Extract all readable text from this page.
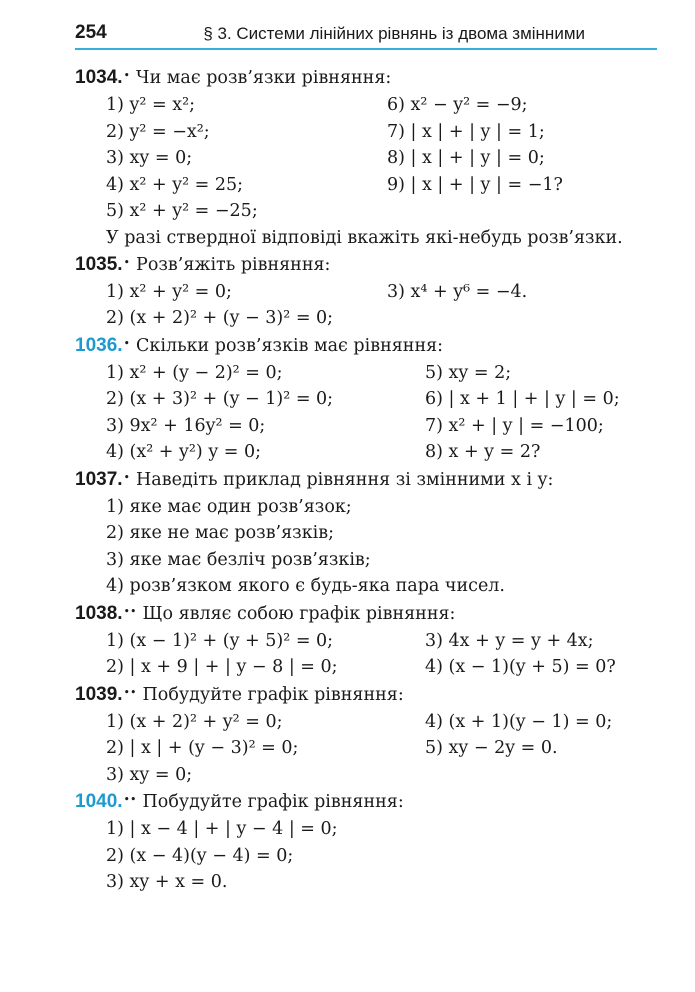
254	§ 3. Системи лінійних рівнянь із двома змінними
1034.• Чи має розв’язки рівняння:
1) y² = x²;	6) x² − y² = −9;
2) y² = −x²;	7) | x | + | y | = 1;
3) xy = 0;	8) | x | + | y | = 0;
4) x² + y² = 25;	9) | x | + | y | = −1?
5) x² + y² = −25;
У разі ствердної відповіді вкажіть які-небудь розв’язки.
1035.• Розв’яжіть рівняння:
1) x² + y² = 0;	3) x⁴ + y⁶ = −4.
2) (x + 2)² + (y − 3)² = 0;
1036.• Скільки розв’язків має рівняння:
1) x² + (y − 2)² = 0;	5) xy = 2;
2) (x + 3)² + (y − 1)² = 0;	6) | x + 1 | + | y | = 0;
3) 9x² + 16y² = 0;	7) x² + | y | = −100;
4) (x² + y²) y = 0;	8) x + y = 2?
1037.• Наведіть приклад рівняння зі змінними x і y:
1) яке має один розв’язок;
2) яке не має розв’язків;
3) яке має безліч розв’язків;
4) розв’язком якого є будь-яка пара чисел.
1038.•• Що являє собою графік рівняння:
1) (x − 1)² + (y + 5)² = 0;	3) 4x + y = y + 4x;
2) | x + 9 | + | y − 8 | = 0;	4) (x − 1)(y + 5) = 0?
1039.•• Побудуйте графік рівняння:
1) (x + 2)² + y² = 0;	4) (x + 1)(y − 1) = 0;
2) | x | + (y − 3)² = 0;	5) xy − 2y = 0.
3) xy = 0;
1040.•• Побудуйте графік рівняння:
1) | x − 4 | + | y − 4 | = 0;
2) (x − 4)(y − 4) = 0;
3) xy + x = 0.
